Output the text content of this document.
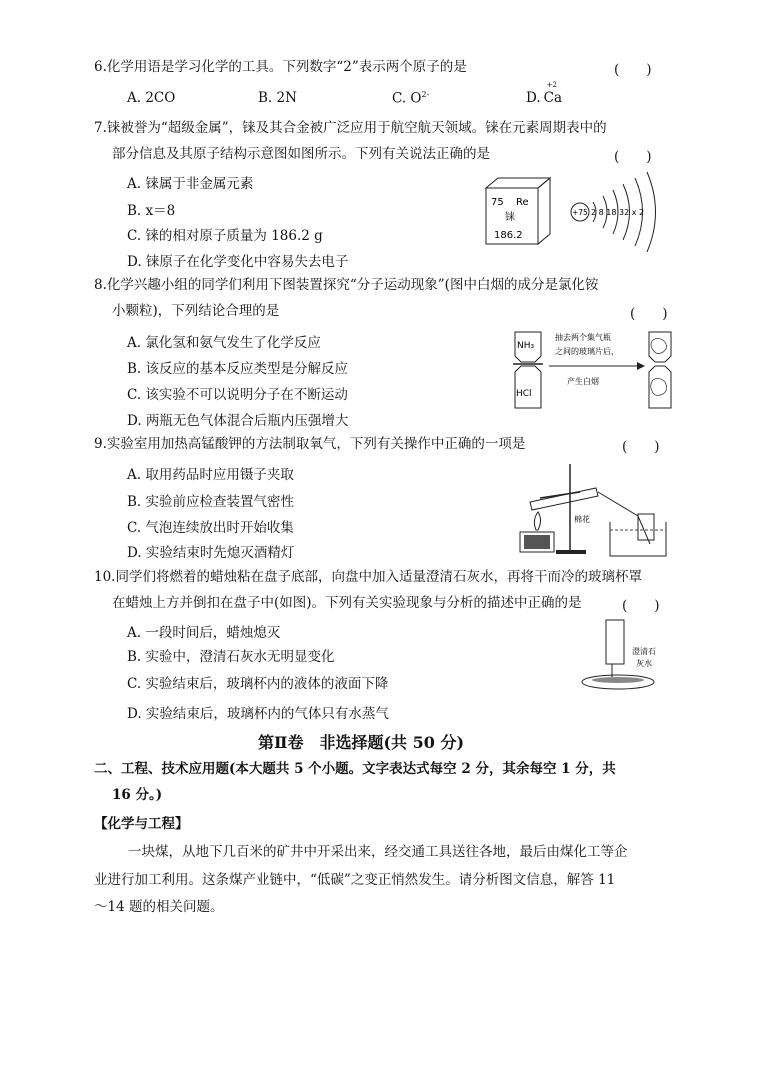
6.化学用语是学习化学的工具。下列数字“2”表示两个原子的是	(　　)
A. 2CO	B. 2N	C. $O^{2-}$	D.
+2
Ca
7.铼被誉为“超级金属”，铼及其合金被广泛应用于航空航天领域。铼在元素周期表中的
部分信息及其原子结构示意图如图所示。下列有关说法正确的是	(　　)
A. 铼属于非金属元素
B. x＝8
C. 铼的相对原子质量为 186.2 g
D. 铼原子在化学变化中容易失去电子
75 Re
铼
186.2
+75 2 8 18 32 x 2
8.化学兴趣小组的同学们利用下图装置探究“分子运动现象”(图中白烟的成分是氯化铵
小颗粒)，下列结论合理的是	(　　)
A. 氯化氢和氨气发生了化学反应
B. 该反应的基本反应类型是分解反应
C. 该实验不可以说明分子在不断运动
D. 两瓶无色气体混合后瓶内压强增大
NH₃
HCl
抽去两个集气瓶
之间的玻璃片后，
产生白烟
9.实验室用加热高锰酸钾的方法制取氧气，下列有关操作中正确的一项是	(　　)
A. 取用药品时应用镊子夹取
B. 实验前应检查装置气密性
C. 气泡连续放出时开始收集
D. 实验结束时先熄灭酒精灯
棉花
10.同学们将燃着的蜡烛粘在盘子底部，向盘中加入适量澄清石灰水，再将干而冷的玻璃杯罩
在蜡烛上方并倒扣在盘子中(如图)。下列有关实验现象与分析的描述中正确的是	(　　)
A. 一段时间后，蜡烛熄灭
B. 实验中，澄清石灰水无明显变化
C. 实验结束后，玻璃杯内的液体的液面下降
D. 实验结束后，玻璃杯内的气体只有水蒸气
澄清石
灰水
第Ⅱ卷　非选择题(共 50 分)
二、工程、技术应用题(本大题共 5 个小题。文字表达式每空 2 分，其余每空 1 分，共
16 分。)
【化学与工程】
一块煤，从地下几百米的矿井中开采出来，经交通工具送往各地，最后由煤化工等企
业进行加工利用。这条煤产业链中，“低碳”之变正悄然发生。请分析图文信息，解答 11
～14 题的相关问题。
